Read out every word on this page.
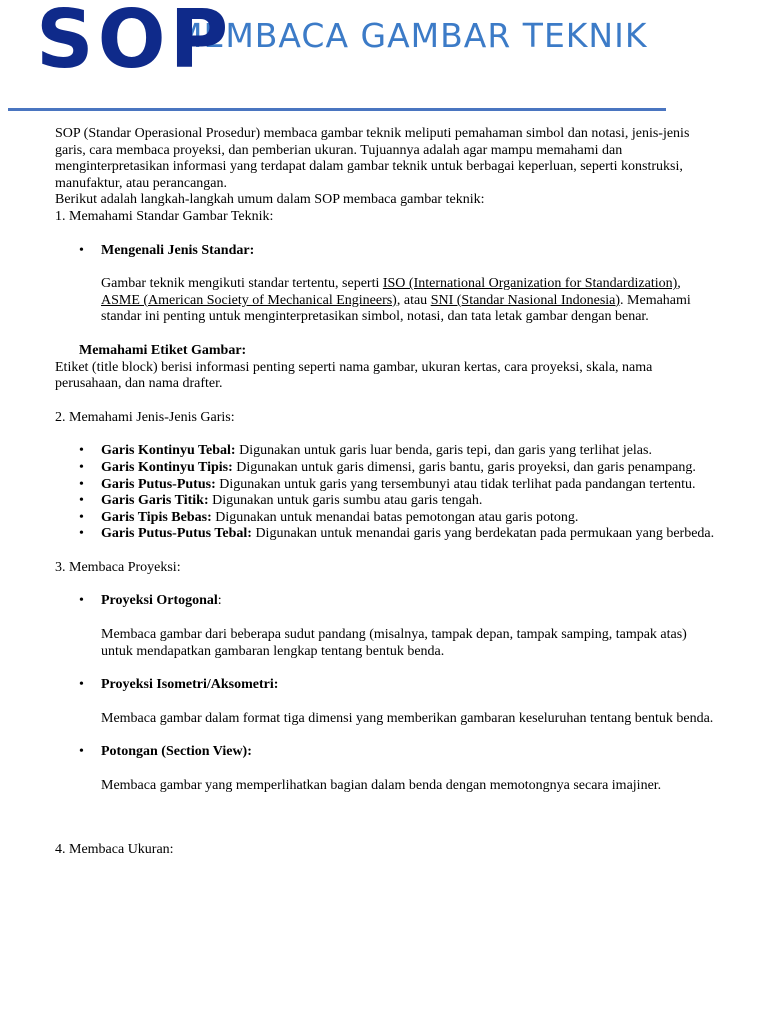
SOP
MEMBACA GAMBAR TEKNIK

SOP (Standar Operasional Prosedur) membaca gambar teknik meliputi pemahaman simbol dan notasi, jenis-jenis garis, cara membaca proyeksi, dan pemberian ukuran. Tujuannya adalah agar mampu memahami dan menginterpretasikan informasi yang terdapat dalam gambar teknik untuk berbagai keperluan, seperti konstruksi, manufaktur, atau perancangan.

Berikut adalah langkah-langkah umum dalam SOP membaca gambar teknik:

1. Memahami Standar Gambar Teknik:

• Mengenali Jenis Standar:

Gambar teknik mengikuti standar tertentu, seperti ISO (International Organization for Standardization), ASME (American Society of Mechanical Engineers), atau SNI (Standar Nasional Indonesia). Memahami standar ini penting untuk menginterpretasikan simbol, notasi, dan tata letak gambar dengan benar.

Memahami Etiket Gambar:

Etiket (title block) berisi informasi penting seperti nama gambar, ukuran kertas, cara proyeksi, skala, nama perusahaan, dan nama drafter.

2. Memahami Jenis-Jenis Garis:

• Garis Kontinyu Tebal: Digunakan untuk garis luar benda, garis tepi, dan garis yang terlihat jelas.
• Garis Kontinyu Tipis: Digunakan untuk garis dimensi, garis bantu, garis proyeksi, dan garis penampang.
• Garis Putus-Putus: Digunakan untuk garis yang tersembunyi atau tidak terlihat pada pandangan tertentu.
• Garis Garis Titik: Digunakan untuk garis sumbu atau garis tengah.
• Garis Tipis Bebas: Digunakan untuk menandai batas pemotongan atau garis potong.
• Garis Putus-Putus Tebal: Digunakan untuk menandai garis yang berdekatan pada permukaan yang berbeda.

3. Membaca Proyeksi:

• Proyeksi Ortogonal:

Membaca gambar dari beberapa sudut pandang (misalnya, tampak depan, tampak samping, tampak atas) untuk mendapatkan gambaran lengkap tentang bentuk benda.

• Proyeksi Isometri/Aksometri:

Membaca gambar dalam format tiga dimensi yang memberikan gambaran keseluruhan tentang bentuk benda.

• Potongan (Section View):

Membaca gambar yang memperlihatkan bagian dalam benda dengan memotongnya secara imajiner.

4. Membaca Ukuran:
